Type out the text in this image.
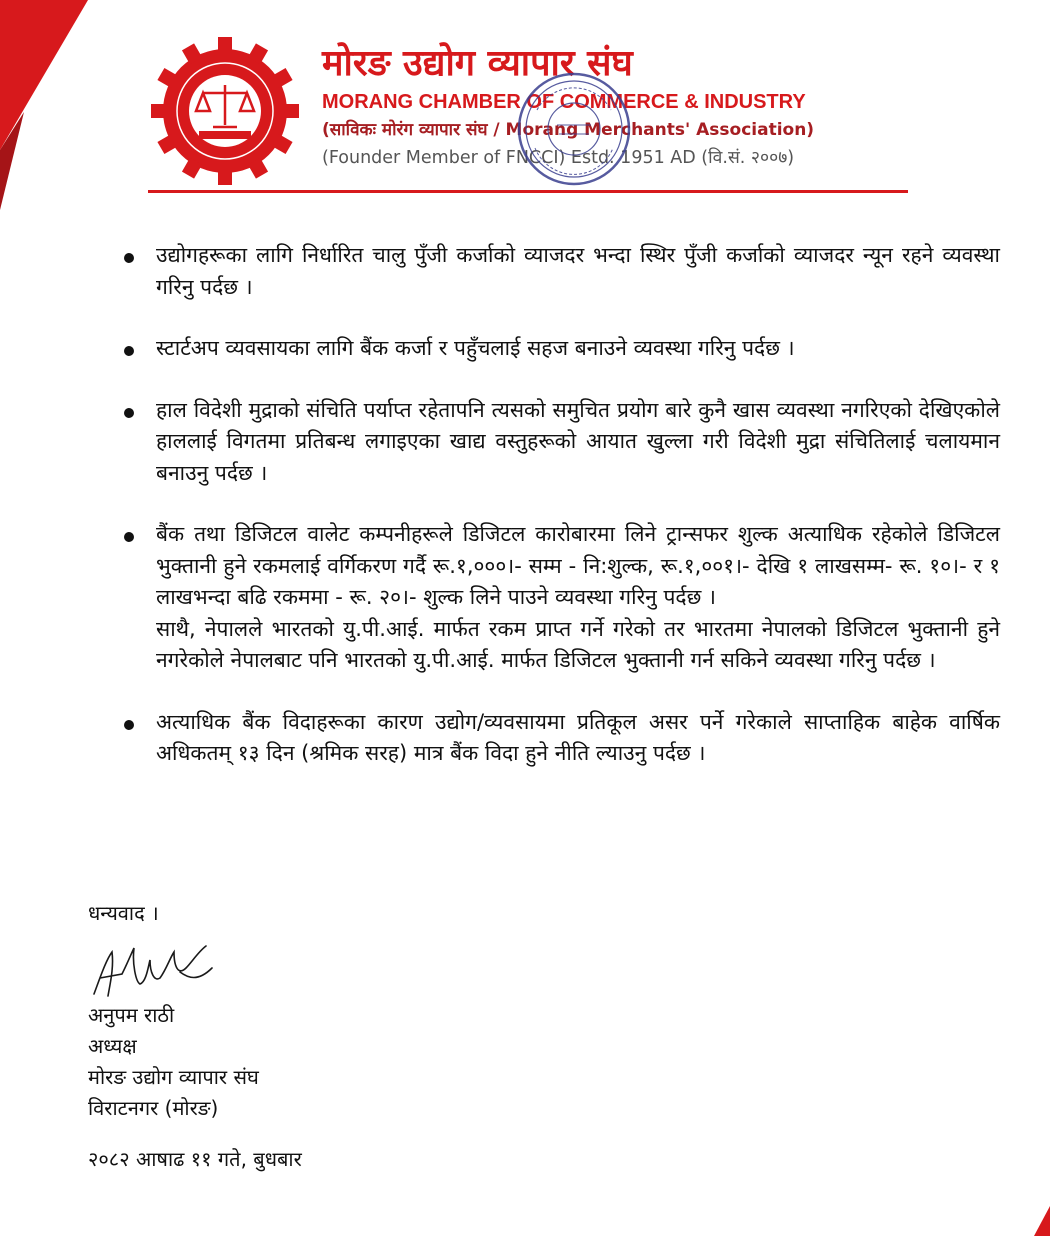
मोरङ उद्योग व्यापार संघ
MORANG CHAMBER OF COMMERCE & INDUSTRY
(साविकः मोरंग व्यापार संघ / Morang Merchants' Association)
(Founder Member of FNCCI) Estd. 1951 AD (वि.सं. २००७)

उद्योगहरूका लागि निर्धारित चालु पुँजी कर्जाको व्याजदर भन्दा स्थिर पुँजी कर्जाको व्याजदर न्यून रहने व्यवस्था गरिनु पर्दछ ।

स्टार्टअप व्यवसायका लागि बैंक कर्जा र पहुँचलाई सहज बनाउने व्यवस्था गरिनु पर्दछ ।

हाल विदेशी मुद्राको संचिति पर्याप्त रहेतापनि त्यसको समुचित प्रयोग बारे कुनै खास व्यवस्था नगरिएको देखिएकोले हाललाई विगतमा प्रतिबन्ध लगाइएका खाद्य वस्तुहरूको आयात खुल्ला गरी विदेशी मुद्रा संचितिलाई चलायमान बनाउनु पर्दछ ।

बैंक तथा डिजिटल वालेट कम्पनीहरूले डिजिटल कारोबारमा लिने ट्रान्सफर शुल्क अत्याधिक रहेकोले डिजिटल भुक्तानी हुने रकमलाई वर्गिकरण गर्दै रू.१,०००।- सम्म - नि:शुल्क, रू.१,००१।- देखि १ लाखसम्म- रू. १०।- र १ लाखभन्दा बढि रकममा - रू. २०।- शुल्क लिने पाउने व्यवस्था गरिनु पर्दछ ।

साथै, नेपालले भारतको यु.पी.आई. मार्फत रकम प्राप्त गर्ने गरेको तर भारतमा नेपालको डिजिटल भुक्तानी हुने नगरेकोले नेपालबाट पनि भारतको यु.पी.आई. मार्फत डिजिटल भुक्तानी गर्न सकिने व्यवस्था गरिनु पर्दछ ।

अत्याधिक बैंक विदाहरूका कारण उद्योग/व्यवसायमा प्रतिकूल असर पर्ने गरेकाले साप्ताहिक बाहेक वार्षिक अधिकतम् १३ दिन (श्रमिक सरह) मात्र बैंक विदा हुने नीति ल्याउनु पर्दछ ।

धन्यवाद ।
अनुपम राठी
अध्यक्ष
मोरङ उद्योग व्यापार संघ
विराटनगर (मोरङ)
२०८२ आषाढ ११ गते, बुधबार
